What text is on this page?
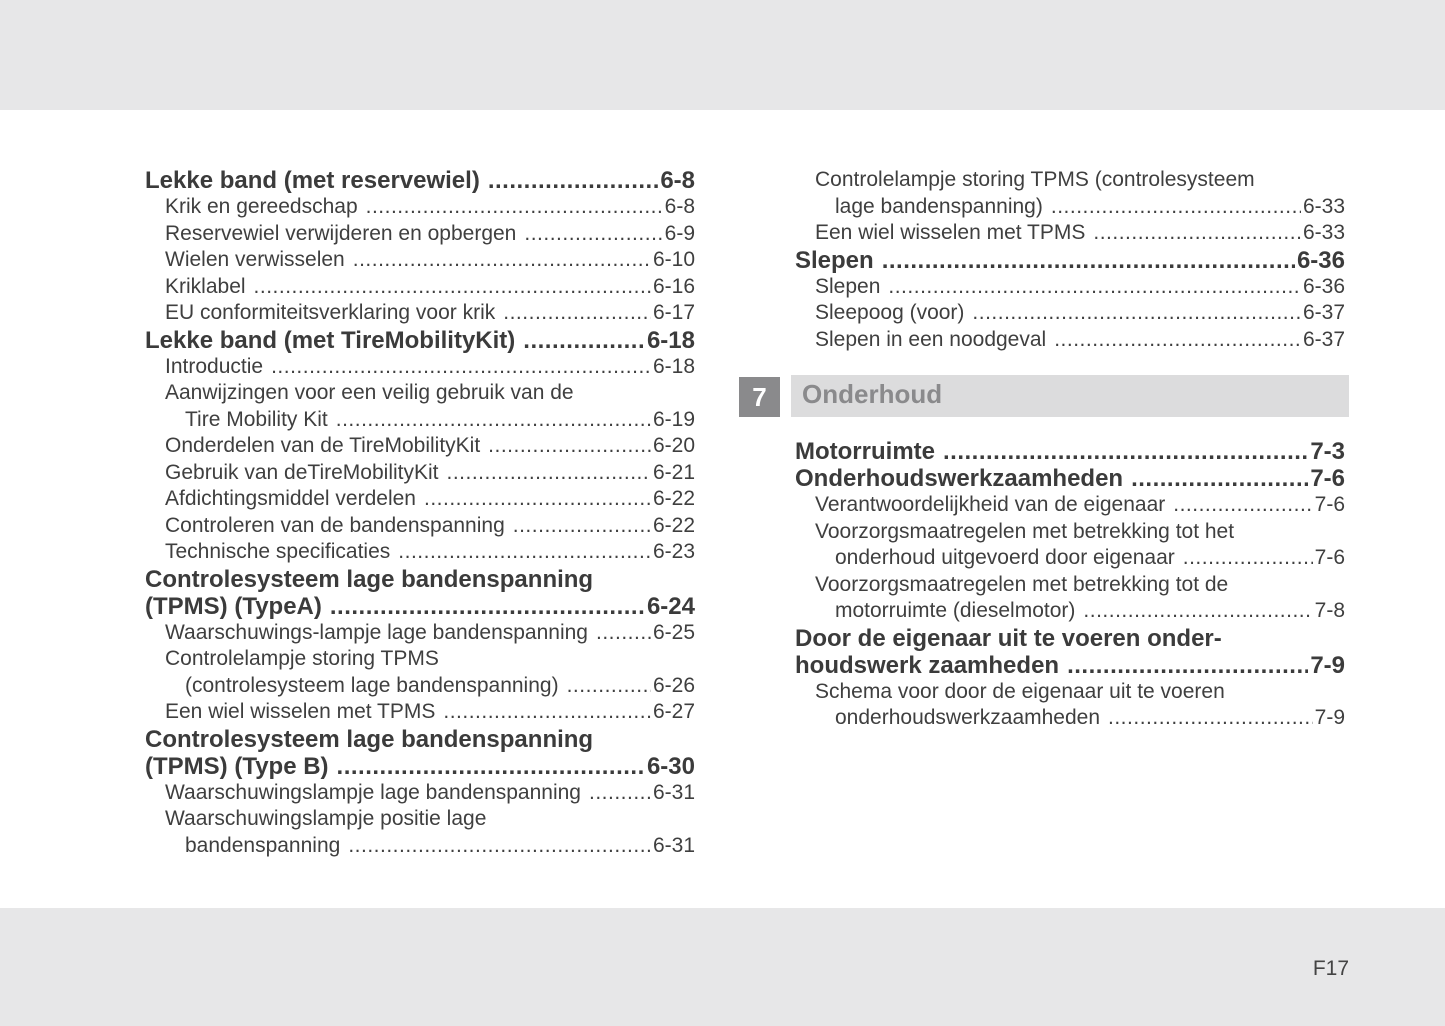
Lekke band (met reservewiel) .....	6-8
Krik en gereedschap .....	6-8
Reservewiel verwijderen en opbergen .....	6-9
Wielen verwisselen .....	6-10
Kriklabel .....	6-16
EU conformiteitsverklaring voor krik .....	6-17
Lekke band (met TireMobilityKit) .....	6-18
Introductie .....	6-18
Aanwijzingen voor een veilig gebruik van de
Tire Mobility Kit .....	6-19
Onderdelen van de TireMobilityKit .....	6-20
Gebruik van deTireMobilityKit .....	6-21
Afdichtingsmiddel verdelen .....	6-22
Controleren van de bandenspanning .....	6-22
Technische specificaties .....	6-23
Controlesysteem lage bandenspanning
(TPMS) (TypeA) .....	6-24
Waarschuwings-lampje lage bandenspanning .....	6-25
Controlelampje storing TPMS
(controlesysteem lage bandenspanning) .....	6-26
Een wiel wisselen met TPMS .....	6-27
Controlesysteem lage bandenspanning
(TPMS) (Type B) .....	6-30
Waarschuwingslampje lage bandenspanning .....	6-31
Waarschuwingslampje positie lage
bandenspanning .....	6-31
Controlelampje storing TPMS (controlesysteem
lage bandenspanning) .....	6-33
Een wiel wisselen met TPMS .....	6-33
Slepen .....	6-36
Slepen .....	6-36
Sleepoog (voor) .....	6-37
Slepen in een noodgeval .....	6-37
7	Onderhoud
Motorruimte .....	7-3
Onderhoudswerkzaamheden .....	7-6
Verantwoordelijkheid van de eigenaar .....	7-6
Voorzorgsmaatregelen met betrekking tot het
onderhoud uitgevoerd door eigenaar .....	7-6
Voorzorgsmaatregelen met betrekking tot de
motorruimte (dieselmotor) .....	7-8
Door de eigenaar uit te voeren onder-
houdswerk zaamheden .....	7-9
Schema voor door de eigenaar uit te voeren
onderhoudswerkzaamheden .....	7-9
F17
